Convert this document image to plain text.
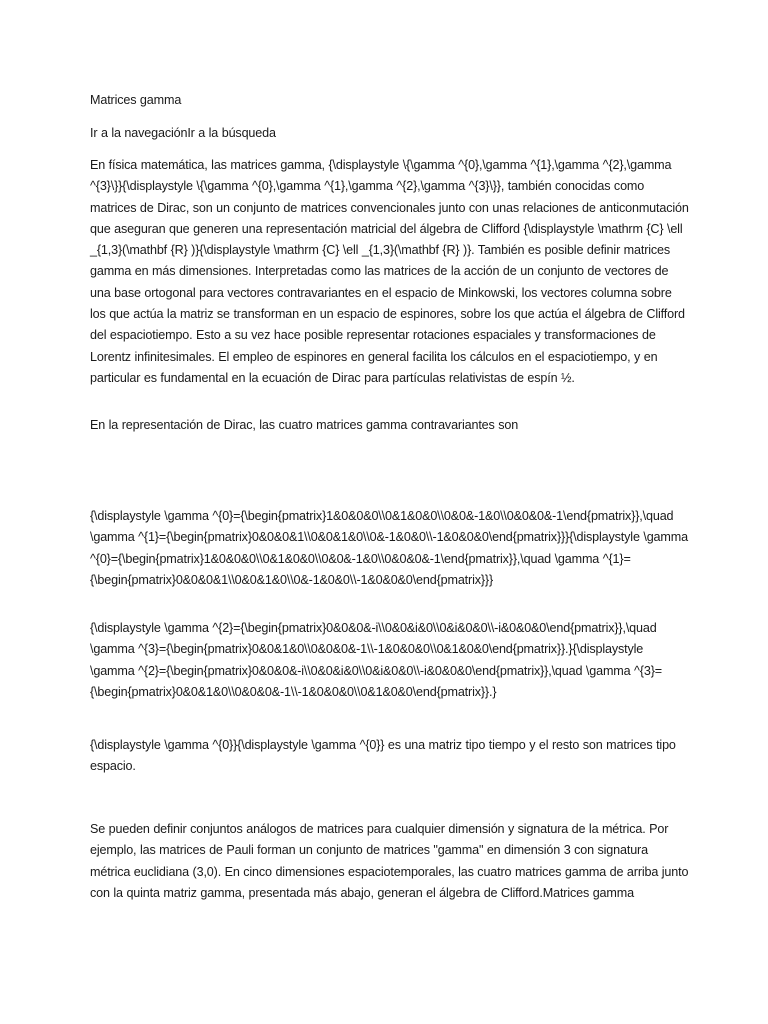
Matrices gamma

Ir a la navegaciónIr a la búsqueda

En física matemática, las matrices gamma, {\displaystyle \{\gamma ^{0},\gamma ^{1},\gamma ^{2},\gamma ^{3}\}}{\displaystyle \{\gamma ^{0},\gamma ^{1},\gamma ^{2},\gamma ^{3}\}}, también conocidas como matrices de Dirac, son un conjunto de matrices convencionales junto con unas relaciones de anticonmutación que aseguran que generen una representación matricial del álgebra de Clifford {\displaystyle \mathrm {C} \ell _{1,3}(\mathbf {R} )}{\displaystyle \mathrm {C} \ell _{1,3}(\mathbf {R} )}. También es posible definir matrices gamma en más dimensiones. Interpretadas como las matrices de la acción de un conjunto de vectores de una base ortogonal para vectores contravariantes en el espacio de Minkowski, los vectores columna sobre los que actúa la matriz se transforman en un espacio de espinores, sobre los que actúa el álgebra de Clifford del espaciotiempo. Esto a su vez hace posible representar rotaciones espaciales y transformaciones de Lorentz infinitesimales. El empleo de espinores en general facilita los cálculos en el espaciotiempo, y en particular es fundamental en la ecuación de Dirac para partículas relativistas de espín ½.

En la representación de Dirac, las cuatro matrices gamma contravariantes son

{\displaystyle \gamma ^{0}={\begin{pmatrix}1&0&0&0\\0&1&0&0\\0&0&-1&0\\0&0&0&-1\end{pmatrix}},\quad \gamma ^{1}={\begin{pmatrix}0&0&0&1\\0&0&1&0\\0&-1&0&0\\-1&0&0&0\end{pmatrix}}}{\displaystyle \gamma ^{0}={\begin{pmatrix}1&0&0&0\\0&1&0&0\\0&0&-1&0\\0&0&0&-1\end{pmatrix}},\quad \gamma ^{1}={\begin{pmatrix}0&0&0&1\\0&0&1&0\\0&-1&0&0\\-1&0&0&0\end{pmatrix}}}

{\displaystyle \gamma ^{2}={\begin{pmatrix}0&0&0&-i\\0&0&i&0\\0&i&0&0\\-i&0&0&0\end{pmatrix}},\quad \gamma ^{3}={\begin{pmatrix}0&0&1&0\\0&0&0&-1\\-1&0&0&0\\0&1&0&0\end{pmatrix}}.}{\displaystyle \gamma ^{2}={\begin{pmatrix}0&0&0&-i\\0&0&i&0\\0&i&0&0\\-i&0&0&0\end{pmatrix}},\quad \gamma ^{3}={\begin{pmatrix}0&0&1&0\\0&0&0&-1\\-1&0&0&0\\0&1&0&0\end{pmatrix}}.}

{\displaystyle \gamma ^{0}}{\displaystyle \gamma ^{0}} es una matriz tipo tiempo y el resto son matrices tipo espacio.

Se pueden definir conjuntos análogos de matrices para cualquier dimensión y signatura de la métrica. Por ejemplo, las matrices de Pauli forman un conjunto de matrices "gamma" en dimensión 3 con signatura métrica euclidiana (3,0). En cinco dimensiones espaciotemporales, las cuatro matrices gamma de arriba junto con la quinta matriz gamma, presentada más abajo, generan el álgebra de Clifford.Matrices gamma
